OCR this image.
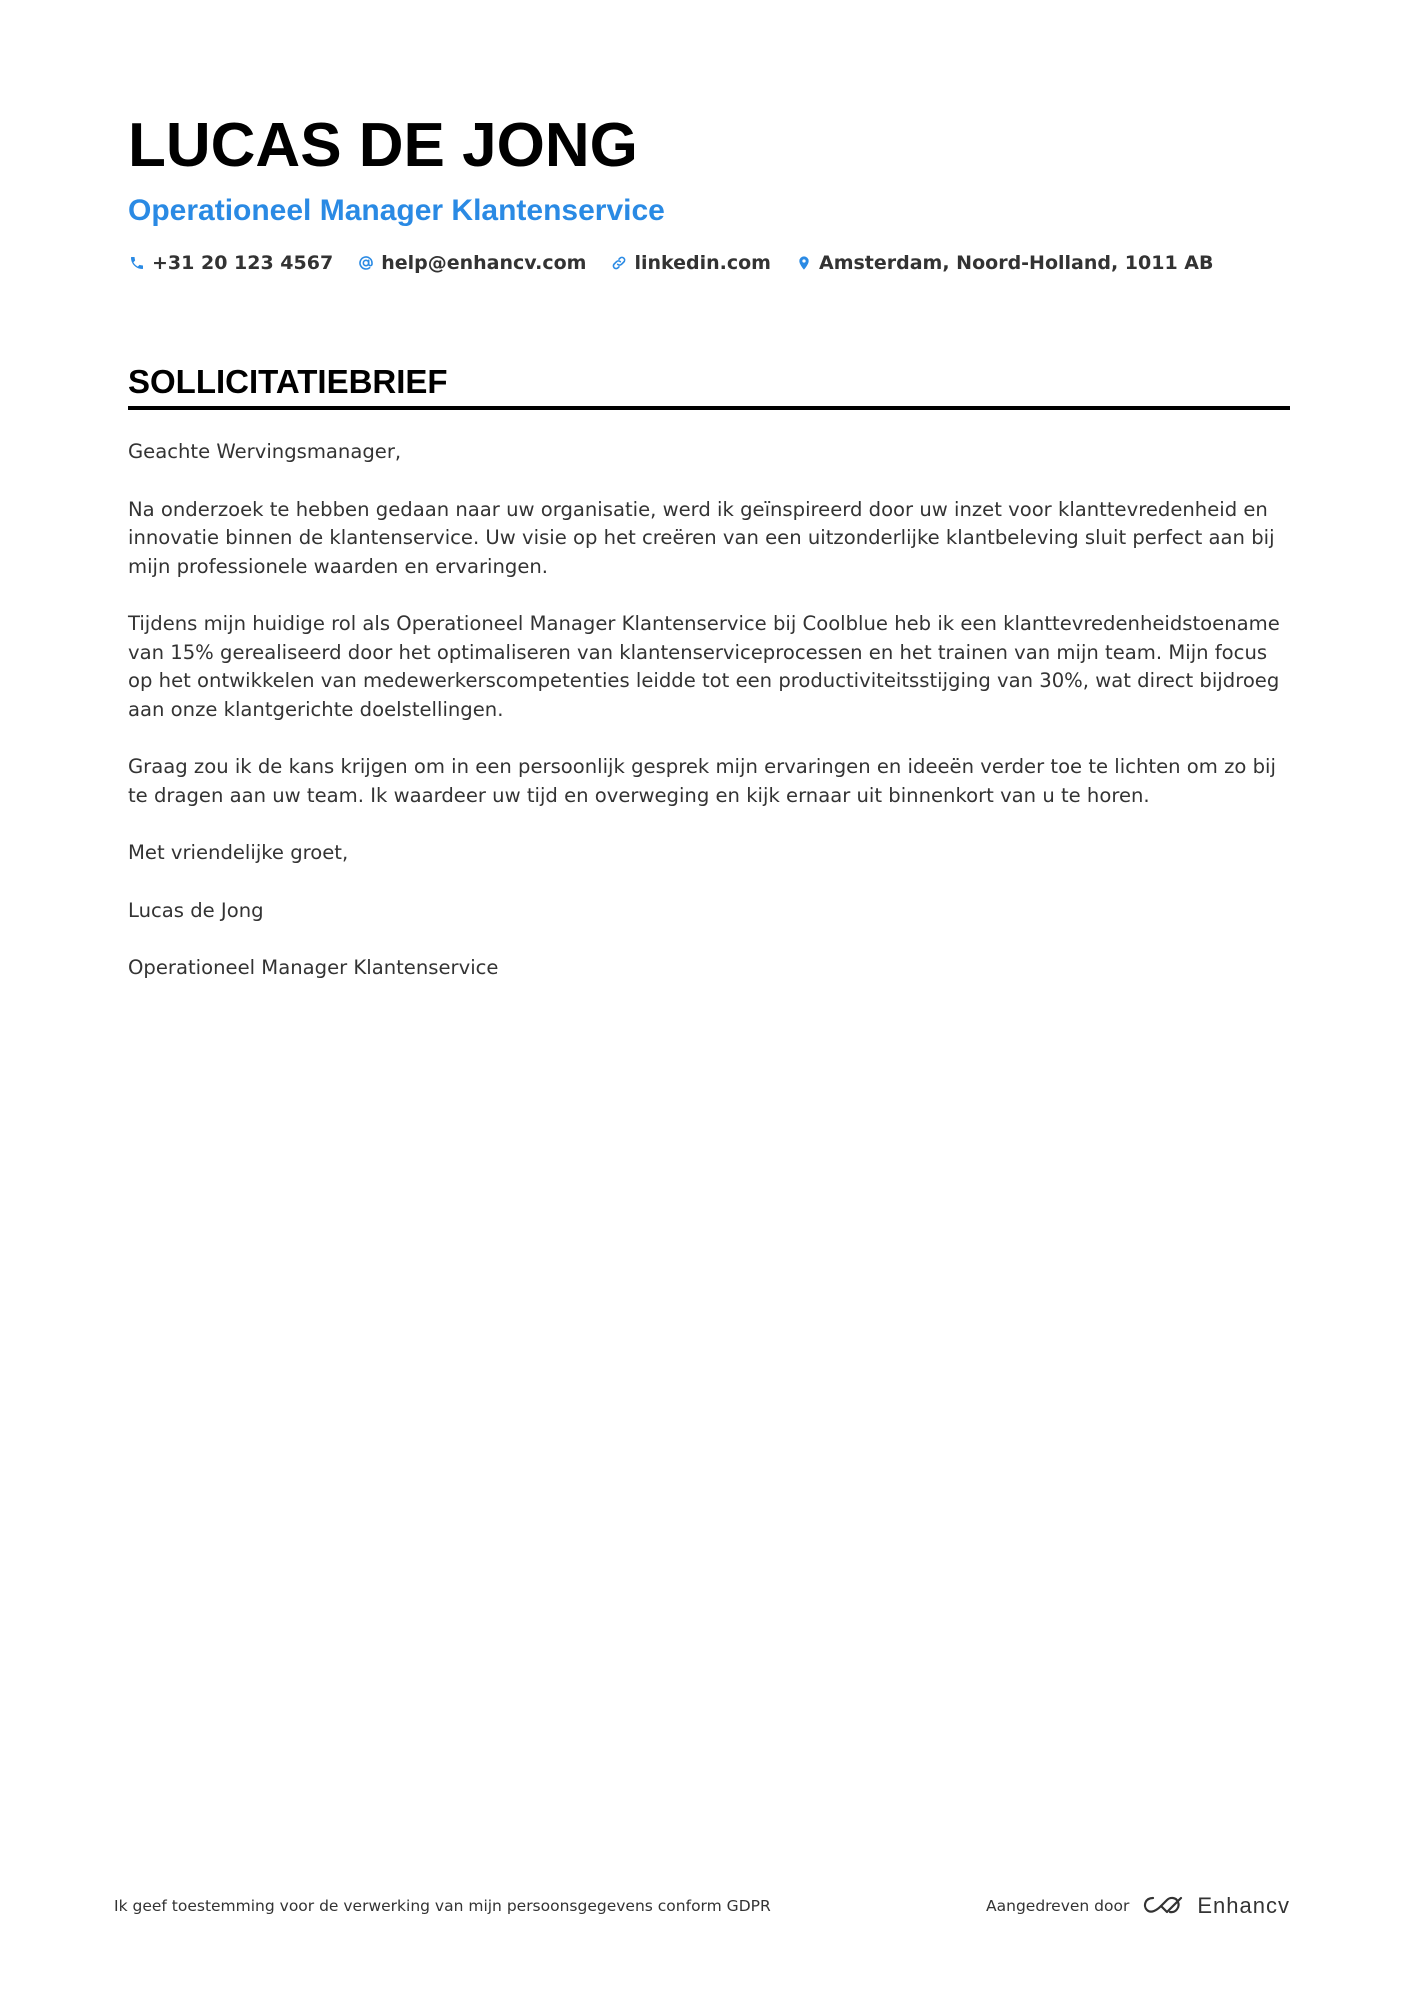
LUCAS DE JONG
Operationeel Manager Klantenservice
+31 20 123 4567	help@enhancv.com	linkedin.com	Amsterdam, Noord-Holland, 1011 AB
SOLLICITATIEBRIEF

Geachte Wervingsmanager,

Na onderzoek te hebben gedaan naar uw organisatie, werd ik geïnspireerd door uw inzet voor klanttevredenheid en innovatie binnen de klantenservice. Uw visie op het creëren van een uitzonderlijke klantbeleving sluit perfect aan bij mijn professionele waarden en ervaringen.

Tijdens mijn huidige rol als Operationeel Manager Klantenservice bij Coolblue heb ik een klanttevredenheidstoename van 15% gerealiseerd door het optimaliseren van klantenserviceprocessen en het trainen van mijn team. Mijn focus op het ontwikkelen van medewerkerscompetenties leidde tot een productiviteitsstijging van 30%, wat direct bijdroeg aan onze klantgerichte doelstellingen.

Graag zou ik de kans krijgen om in een persoonlijk gesprek mijn ervaringen en ideeën verder toe te lichten om zo bij te dragen aan uw team. Ik waardeer uw tijd en overweging en kijk ernaar uit binnenkort van u te horen.

Met vriendelijke groet,

Lucas de Jong

Operationeel Manager Klantenservice

Ik geef toestemming voor de verwerking van mijn persoonsgegevens conform GDPR	Aangedreven door	Enhancv
